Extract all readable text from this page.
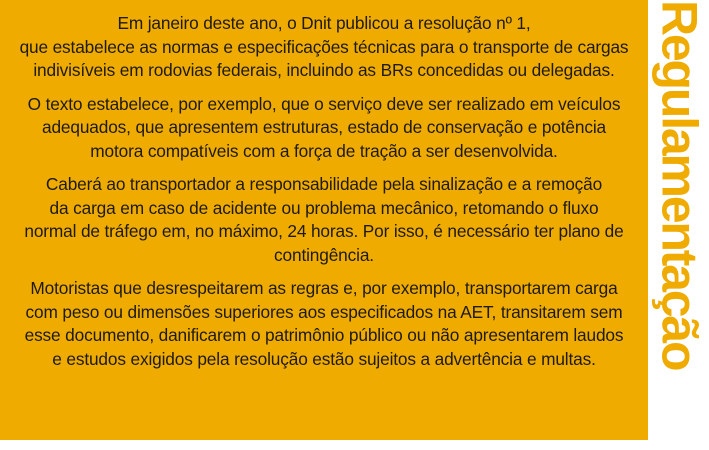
Em janeiro deste ano, o Dnit publicou a resolução nº 1,
que estabelece as normas e especificações técnicas para o transporte de cargas
indivisíveis em rodovias federais, incluindo as BRs concedidas ou delegadas.

O texto estabelece, por exemplo, que o serviço deve ser realizado em veículos
adequados, que apresentem estruturas, estado de conservação e potência
motora compatíveis com a força de tração a ser desenvolvida.

Caberá ao transportador a responsabilidade pela sinalização e a remoção
da carga em caso de acidente ou problema mecânico, retomando o fluxo
normal de tráfego em, no máximo, 24 horas. Por isso, é necessário ter plano de
contingência.

Motoristas que desrespeitarem as regras e, por exemplo, transportarem carga
com peso ou dimensões superiores aos especificados na AET, transitarem sem
esse documento, danificarem o patrimônio público ou não apresentarem laudos
e estudos exigidos pela resolução estão sujeitos a advertência e multas.	Regulamentação
